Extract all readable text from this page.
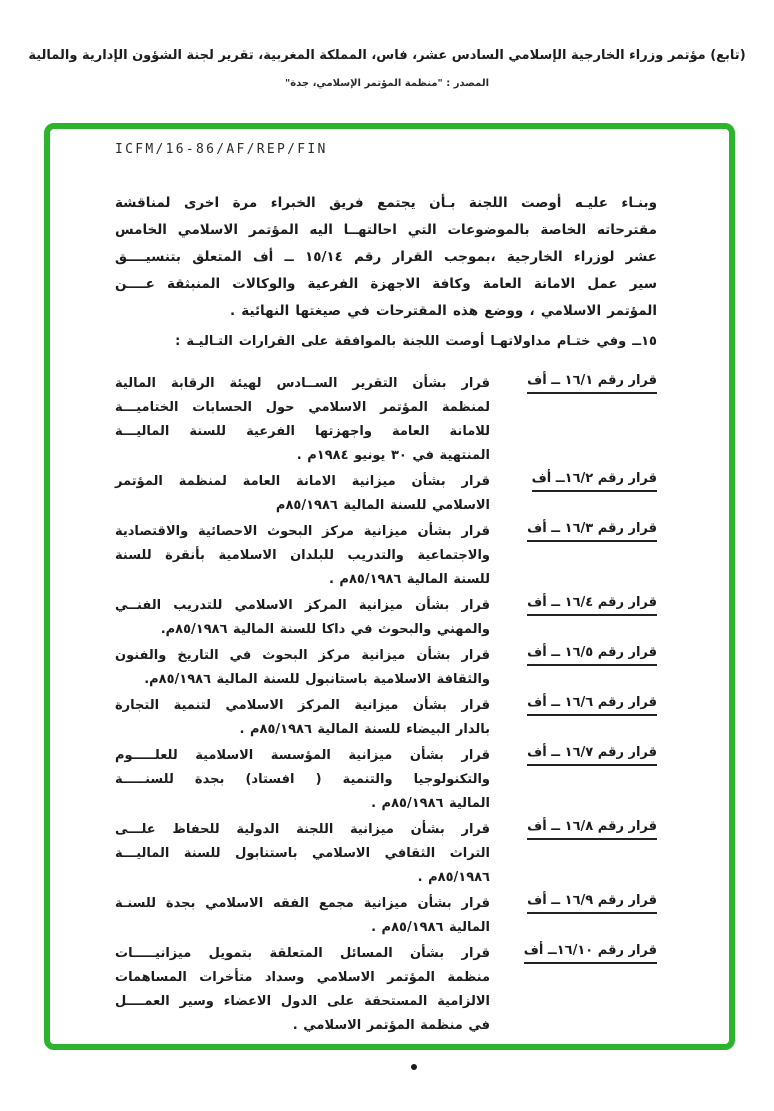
(تابع) مؤتمر وزراء الخارجية الإسلامي السادس عشر، فاس، المملكة المغربية، تقرير لجنة الشؤون الإدارية والمالية
المصدر : "منظمة المؤتمر الإسلامي، جدة"
ICFM/16-86/AF/REP/FIN
وبنـاء عليـه أوصت اللجنة بـأن يجتمع فريق الخبراء مرة اخرى لمناقشة
مقترحاته الخاصة بالموضوعات التي احالتهــا اليه المؤتمر الاسلامي الخامس
عشر لوزراء الخارجية ،بموجب القرار رقم ١٥/١٤ ــ أف المتعلق بتنسيــــق
سير عمل الامانة العامة وكافة الاجهزة الفرعية والوكالات المنبثقة عــــن
المؤتمر الاسلامي ، ووضع هذه المقترحات في صيغتها النهائية .
١٥ــ وفي ختـام مداولاتهـا أوصت اللجنة بالموافقة على القرارات التـاليـة :
قرار رقم ١٦/١ ــ أف
قرار بشأن التقرير الســادس لهيئة الرقابة المالية
لمنظمة المؤتمر الاسلامي حول الحسابات الختاميـــة
للامانة العامة واجهزتها الفرعية للسنة الماليـــة
المنتهية في ٣٠ يونيو ١٩٨٤م .
قرار رقم ١٦/٢ــ أف
قرار بشأن ميزانية الامانة العامة لمنظمة المؤتمر
الاسلامي للسنة المالية ٨٥/١٩٨٦م
قرار رقم ١٦/٣ ــ أف
قرار بشأن ميزانية مركز البحوث الاحصائية والاقتصادية
والاجتماعية والتدريب للبلدان الاسلامية بأنقرة للسنة
للسنة المالية ٨٥/١٩٨٦م .
قرار رقم ١٦/٤ ــ أف
قرار بشأن ميزانية المركز الاسلامي للتدريب الفنــي
والمهني والبحوث في داكا للسنة المالية ٨٥/١٩٨٦م.
قرار رقم ١٦/٥ ــ أف
قرار بشأن ميزانية مركز البحوث في التاريخ والفنون
والثقافة الاسلامية باستانبول للسنة المالية ٨٥/١٩٨٦م.
قرار رقم ١٦/٦ ــ أف
قرار بشأن ميزانية المركز الاسلامي لتنمية التجارة
بالدار البيضاء للسنة المالية ٨٥/١٩٨٦م .
قرار رقم ١٦/٧ ــ أف
قرار بشأن ميزانية المؤسسة الاسلامية للعلـــــوم
والتكنولوجيا والتنمية ( افستاد) بجدة للسنـــــة
المالية ٨٥/١٩٨٦م .
قرار رقم ١٦/٨ ــ أف
قرار بشأن ميزانية اللجنة الدولية للحفاظ علـــى
التراث الثقافي الاسلامي باستنابول للسنة الماليـــة
٨٥/١٩٨٦م .
قرار رقم ١٦/٩ ــ أف
قرار بشأن ميزانية مجمع الفقه الاسلامي بجدة للسنـة
المالية ٨٥/١٩٨٦م .
قرار رقم ١٦/١٠ــ أف
قرار بشأن المسائل المتعلقة بتمويل ميزانيـــــات
منظمة المؤتمر الاسلامي وسداد متأخرات المساهمات
الالزامية المستحقة على الدول الاعضاء وسير العمــــل
في منظمة المؤتمر الاسلامي .
